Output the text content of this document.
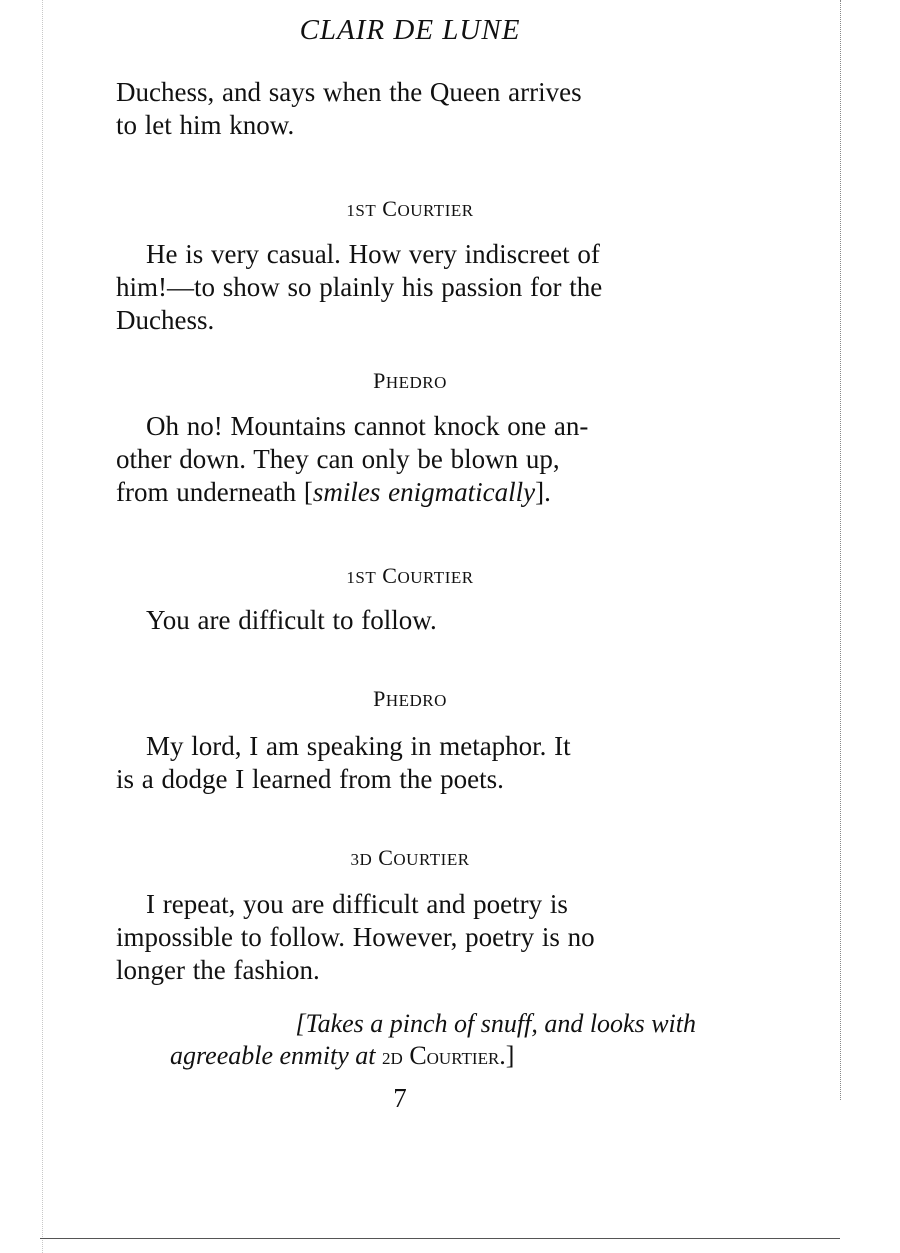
CLAIR DE LUNE
Duchess, and says when the Queen arrives
to let him know.
1ST COURTIER
He is very casual. How very indiscreet of
him!—to show so plainly his passion for the
Duchess.
PHEDRO
Oh no! Mountains cannot knock one an-
other down. They can only be blown up,
from underneath [smiles enigmatically].
1ST COURTIER
You are difficult to follow.
PHEDRO
My lord, I am speaking in metaphor. It
is a dodge I learned from the poets.
3D COURTIER
I repeat, you are difficult and poetry is
impossible to follow. However, poetry is no
longer the fashion.
[Takes a pinch of snuff, and looks with
agreeable enmity at 2D COURTIER.]
7
